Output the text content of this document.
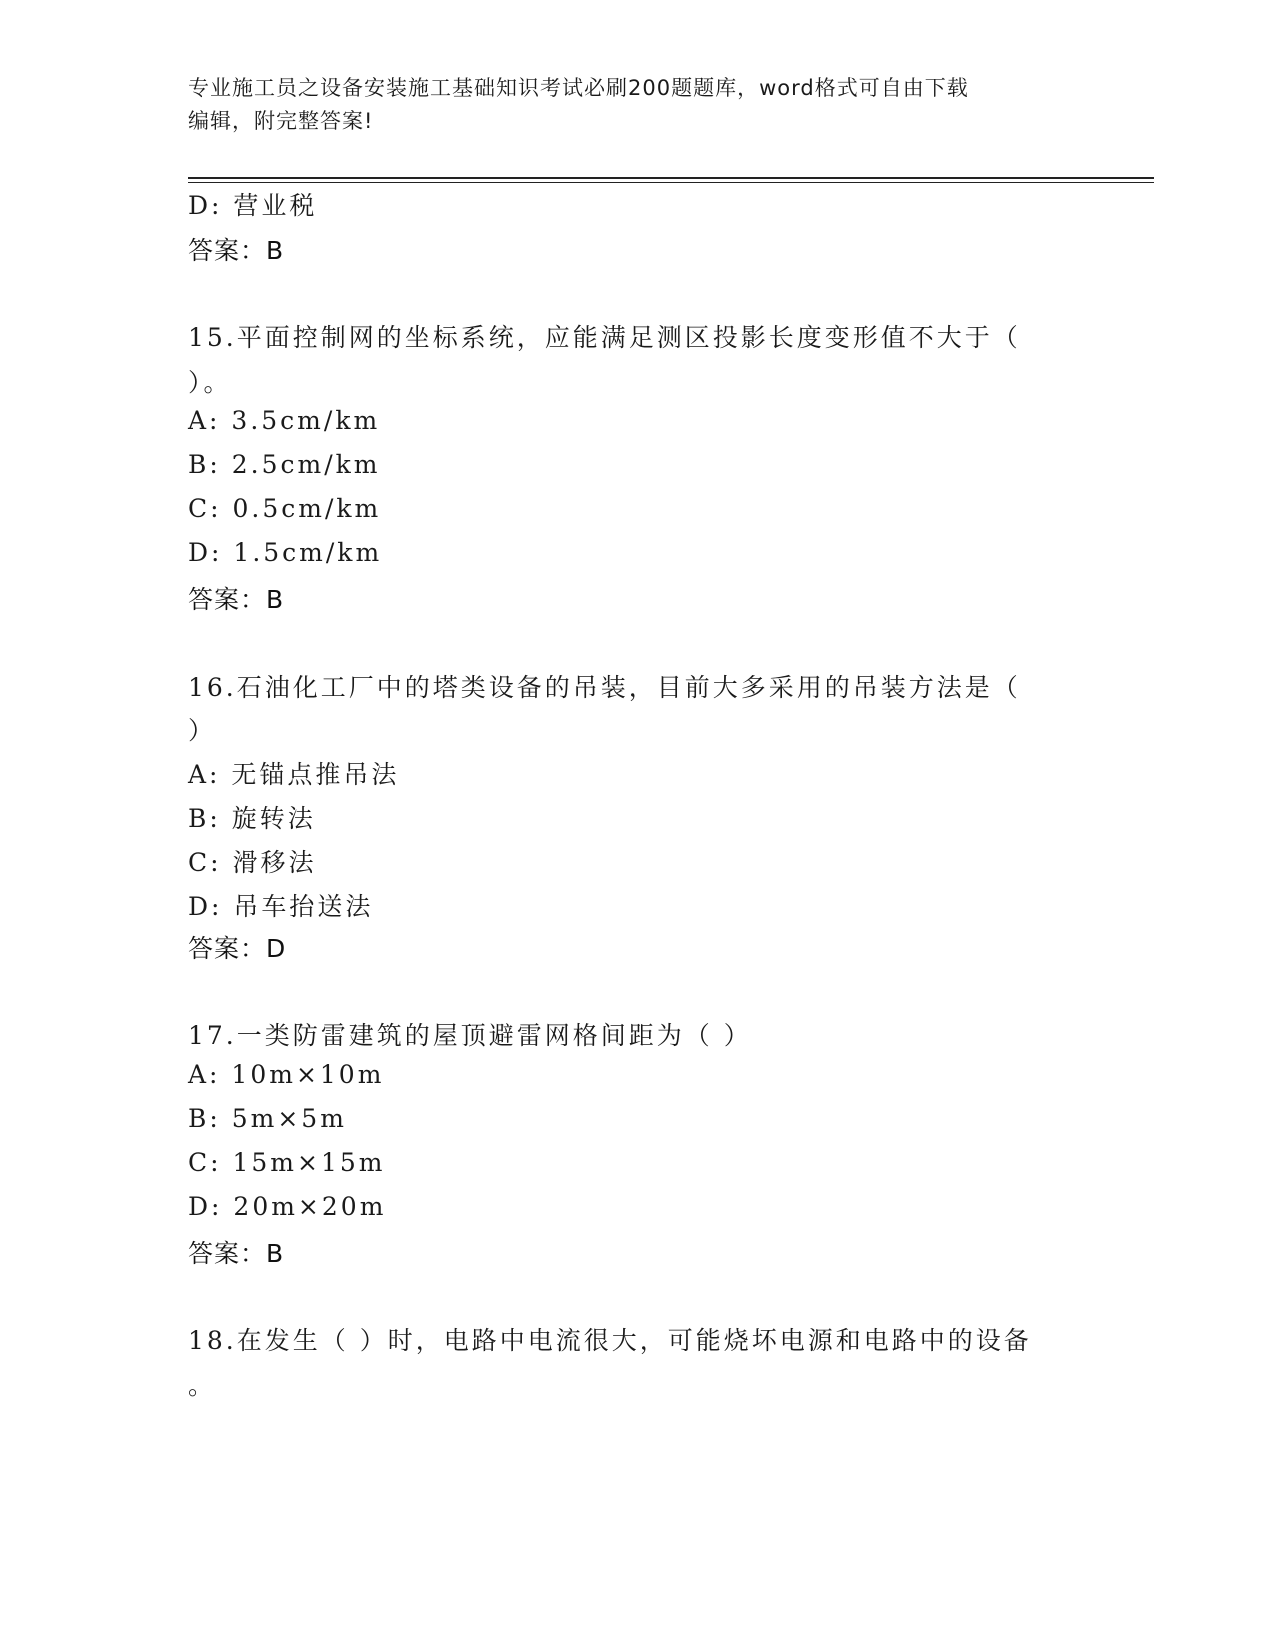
专业施工员之设备安装施工基础知识考试必刷200题题库，word格式可自由下载
编辑，附完整答案!
D: 营业税
答案：B
15.平面控制网的坐标系统，应能满足测区投影长度变形值不大于（
）。
A: 3.5cm/km
B: 2.5cm/km
C: 0.5cm/km
D: 1.5cm/km
答案：B
16.石油化工厂中的塔类设备的吊装，目前大多采用的吊装方法是（
）
A: 无锚点推吊法
B: 旋转法
C: 滑移法
D: 吊车抬送法
答案：D
17.一类防雷建筑的屋顶避雷网格间距为（ ）
A: 10m×10m
B: 5m×5m
C: 15m×15m
D: 20m×20m
答案：B
18.在发生（ ）时，电路中电流很大，可能烧坏电源和电路中的设备
。
